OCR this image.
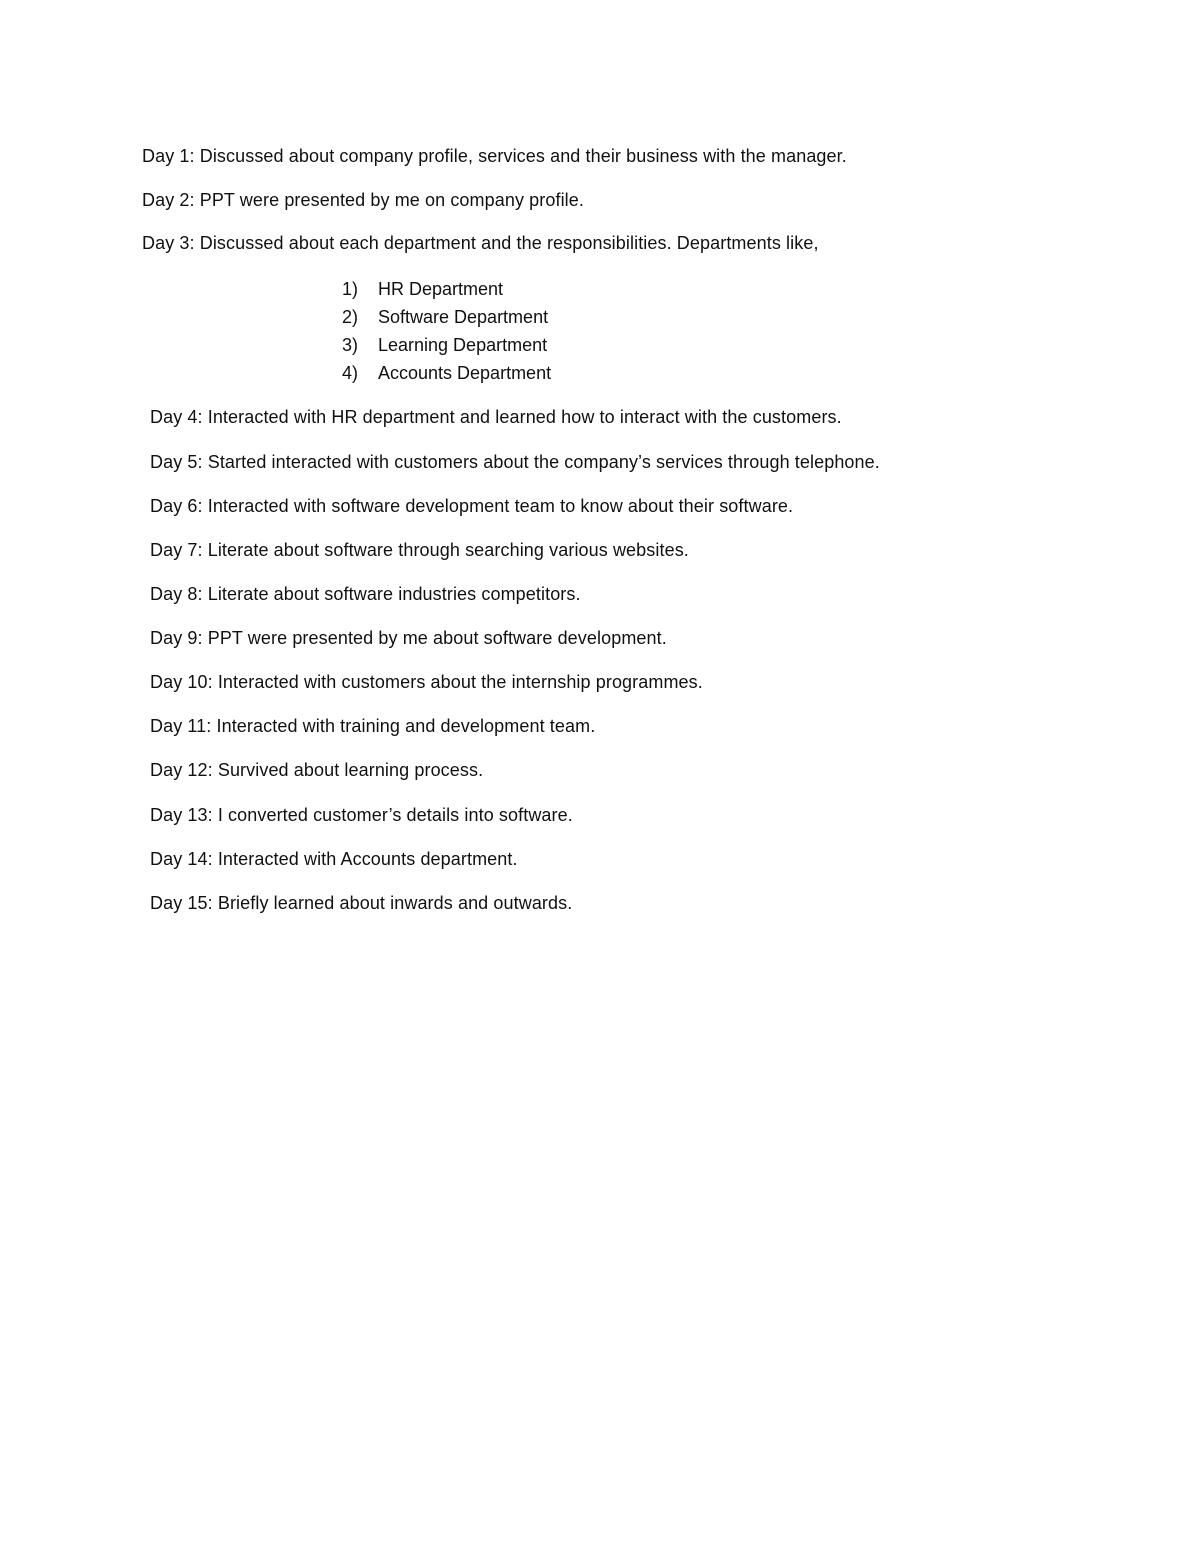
Day 1: Discussed about company profile, services and their business with the manager.
Day 2: PPT were presented by me on company profile.
Day 3: Discussed about each department and the responsibilities. Departments like,
1) HR Department
2) Software Department
3) Learning Department
4) Accounts Department
Day 4: Interacted with HR department and learned how to interact with the customers.
Day 5: Started interacted with customers about the company’s services through telephone.
Day 6: Interacted with software development team to know about their software.
Day 7: Literate about software through searching various websites.
Day 8: Literate about software industries competitors.
Day 9: PPT were presented by me about software development.
Day 10: Interacted with customers about the internship programmes.
Day 11: Interacted with training and development team.
Day 12: Survived about learning process.
Day 13: I converted customer’s details into software.
Day 14: Interacted with Accounts department.
Day 15: Briefly learned about inwards and outwards.
